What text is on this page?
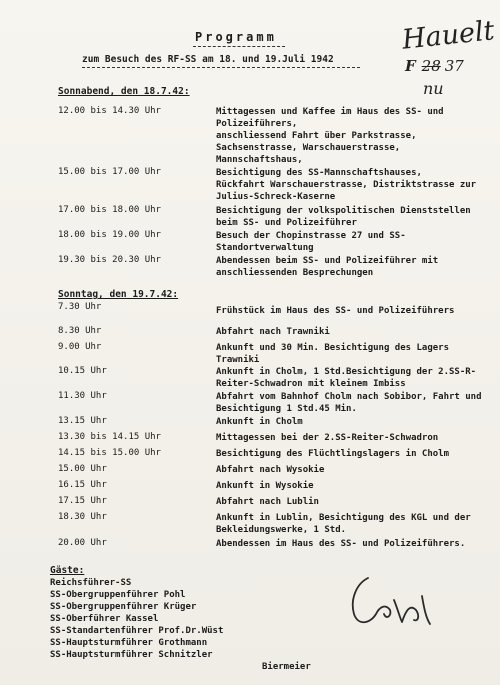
Programm
zum Besuch des RF-SS am 18. und 19.Juli 1942
Hauelt
F 28 37
nu
Sonnabend, den 18.7.42:
12.00 bis 14.30 Uhr	Mittagessen und Kaffee im Haus des SS- und Polizeiführers,
anschliessend Fahrt über Parkstrasse, Sachsenstrasse, Warschauerstrasse, Mannschaftshaus,
15.00 bis 17.00 Uhr	Besichtigung des SS-Mannschaftshauses,
Rückfahrt Warschauerstrasse, Distriktstrasse zur Julius-Schreck-Kaserne
17.00 bis 18.00 Uhr	Besichtigung der volkspolitischen Dienststellen beim SS- und Polizeiführer
18.00 bis 19.00 Uhr	Besuch der Chopinstrasse 27 und SS-Standortverwaltung
19.30 bis 20.30 Uhr	Abendessen beim SS- und Polizeiführer mit anschliessenden Besprechungen
Sonntag, den 19.7.42:
7.30 Uhr	Frühstück im Haus des SS- und Polizeiführers
8.30 Uhr	Abfahrt nach Trawniki
9.00 Uhr	Ankunft und 30 Min. Besichtigung des Lagers Trawniki
10.15 Uhr	Ankunft in Cholm, 1 Std.Besichtigung der 2.SS-R-Reiter-Schwadron mit kleinem Imbiss
11.30 Uhr	Abfahrt vom Bahnhof Cholm nach Sobibor, Fahrt und Besichtigung 1 Std.45 Min.
13.15 Uhr	Ankunft in Cholm
13.30 bis 14.15 Uhr	Mittagessen bei der 2.SS-Reiter-Schwadron
14.15 bis 15.00 Uhr	Besichtigung des Flüchtlingslagers in Cholm
15.00 Uhr	Abfahrt nach Wysokie
16.15 Uhr	Ankunft in Wysokie
17.15 Uhr	Abfahrt nach Lublin
18.30 Uhr	Ankunft in Lublin, Besichtigung des KGL und der Bekleidungswerke, 1 Std.
20.00 Uhr	Abendessen im Haus des SS- und Polizeiführers.
Gäste:
Reichsführer-SS
SS-Obergruppenführer Pohl
SS-Obergruppenführer Krüger
SS-Oberführer Kassel
SS-Standartenführer Prof.Dr.Wüst
SS-Hauptsturmführer Grothmann
SS-Hauptsturmführer Schnitzler
Biermeier
